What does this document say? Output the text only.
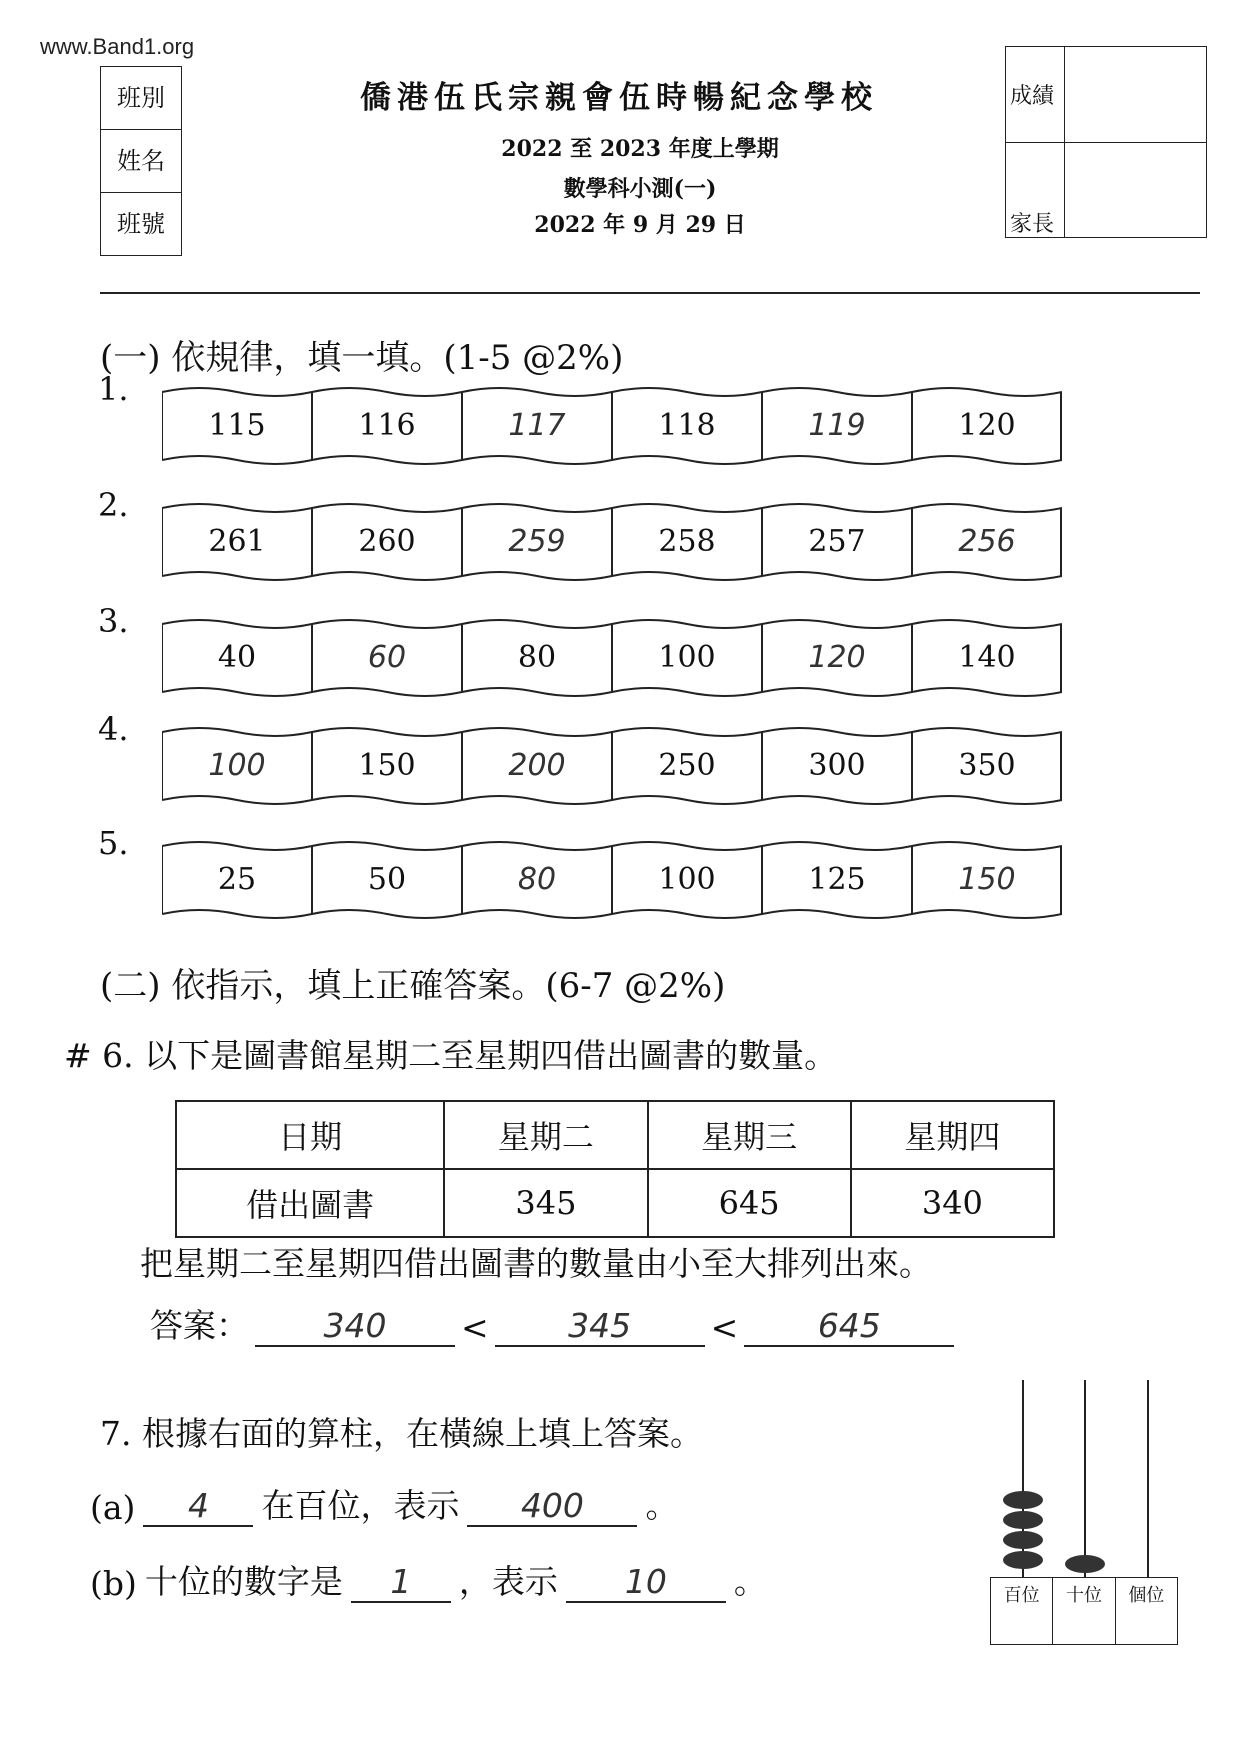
www.Band1.org
班別
姓名
班號
僑港伍氏宗親會伍時暢紀念學校
2022 至 2023 年度上學期
數學科小測(一)
2022 年 9 月 29 日
成績
家長
(一) 依規律，填一填。(1-5 @2%)
1.
115	116	117	118	119	120
2.
261	260	259	258	257	256
3.
40	60	80	100	120	140
4.
100	150	200	250	300	350
5.
25	50	80	100	125	150
(二) 依指示，填上正確答案。(6-7 @2%)
# 6. 以下是圖書館星期二至星期四借出圖書的數量。
日期	星期二	星期三	星期四
借出圖書	345	645	340
把星期二至星期四借出圖書的數量由小至大排列出來。
答案：	340	<	345	<	645
7. 根據右面的算柱，在橫線上填上答案。
(a)	4	在百位，表示	400	。
(b) 十位的數字是	1	，表示	10	。	百位	十位	個位
